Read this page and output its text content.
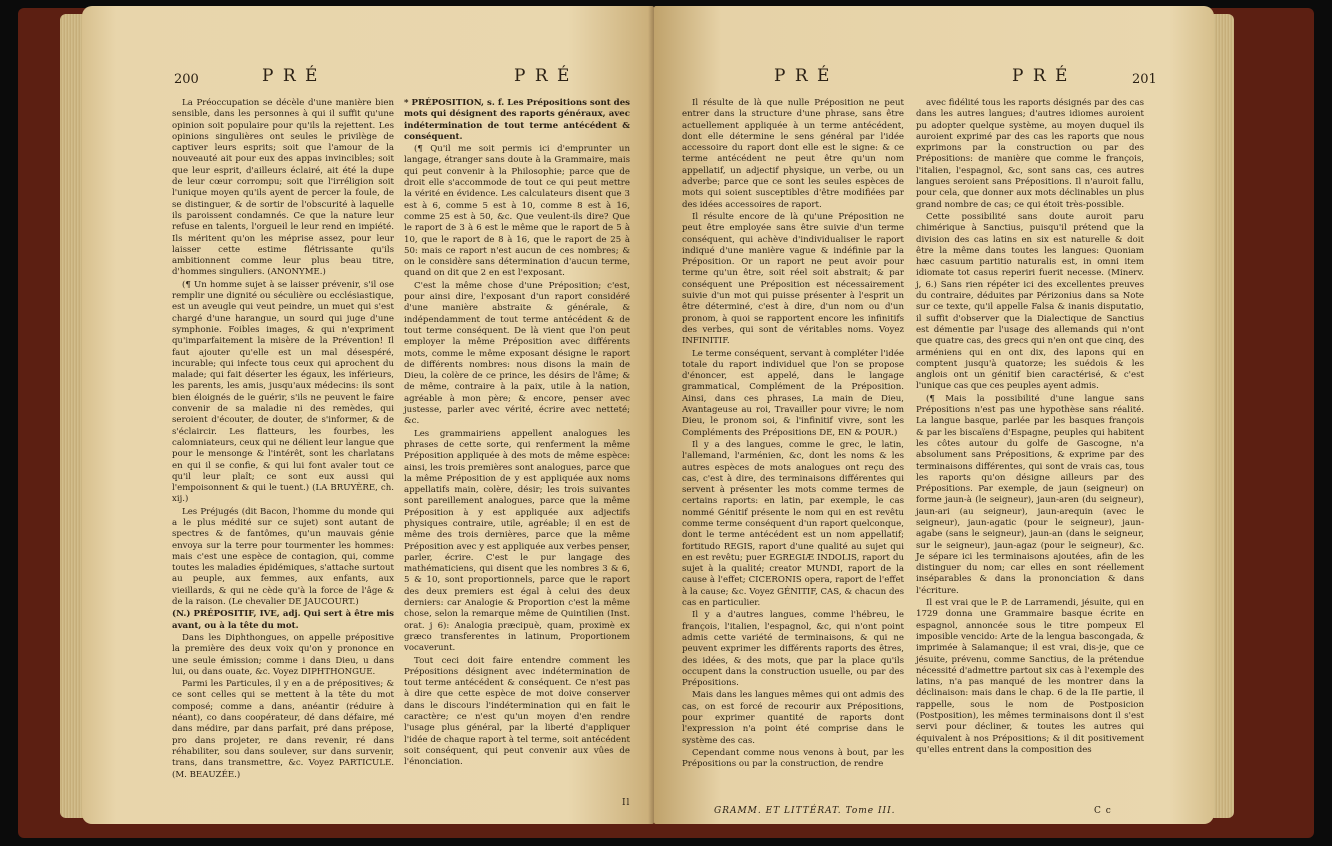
200	P R É	P R É

La Préoccupation se décèle d'une manière bien sensible, dans les personnes à qui il suffit qu'une opinion soit populaire pour qu'ils la rejettent. Les opinions singulières ont seules le privilège de captiver leurs esprits; soit que l'amour de la nouveauté ait pour eux des appas invincibles; soit que leur esprit, d'ailleurs éclairé, ait été la dupe de leur cœur corrompu; soit que l'irréligion soit l'unique moyen qu'ils ayent de percer la foule, de se distinguer, & de sortir de l'obscurité à laquelle ils paroissent condamnés. Ce que la nature leur refuse en talents, l'orgueil le leur rend en impiété. Ils méritent qu'on les méprise assez, pour leur laisser cette estime flétrissante qu'ils ambitionnent comme leur plus beau titre, d'hommes singuliers. (ANONYME.)

(¶ Un homme sujet à se laisser prévenir, s'il ose remplir une dignité ou séculière ou ecclésiastique, est un aveugle qui veut peindre, un muet qui s'est chargé d'une harangue, un sourd qui juge d'une symphonie. Foibles images, & qui n'expriment qu'imparfaitement la misère de la Prévention! Il faut ajouter qu'elle est un mal désespéré, incurable; qui infecte tous ceux qui aprochent du malade; qui fait déserter les égaux, les inférieurs, les parents, les amis, jusqu'aux médecins: ils sont bien éloignés de le guérir, s'ils ne peuvent le faire convenir de sa maladie ni des remèdes, qui seroient d'écouter, de douter, de s'informer, & de s'éclaircir. Les flatteurs, les fourbes, les calomniateurs, ceux qui ne délient leur langue que pour le mensonge & l'intérêt, sont les charlatans en qui il se confie, & qui lui font avaler tout ce qu'il leur plaît; ce sont eux aussi qui l'empoisonnent & qui le tuent.) (LA BRUYÈRE, ch. xij.)

Les Préjugés (dit Bacon, l'homme du monde qui a le plus médité sur ce sujet) sont autant de spectres & de fantômes, qu'un mauvais génie envoya sur la terre pour tourmenter les hommes: mais c'est une espèce de contagion, qui, comme toutes les maladies épidémiques, s'attache surtout au peuple, aux femmes, aux enfants, aux vieillards, & qui ne cède qu'à la force de l'âge & de la raison. (Le chevalier DE JAUCOURT.)

(N.) PRÉPOSITIF, IVE, adj. Qui sert à être mis avant, ou à la tête du mot.

Dans les Diphthongues, on appelle prépositive la première des deux voix qu'on y prononce en une seule émission; comme i dans Dieu, u dans lui, ou dans ouate, &c. Voyez DIPHTHONGUE.

Parmi les Particules, il y en a de prépositives; & ce sont celles qui se mettent à la tête du mot composé; comme a dans, anéantir (réduire à néant), co dans coopérateur, dé dans défaire, mé dans médire, par dans parfait, pré dans prépose, pro dans projeter, re dans revenir, ré dans réhabiliter, sou dans soulever, sur dans survenir, trans, dans transmettre, &c. Voyez PARTICULE. (M. BEAUZÉE.)

* PRÉPOSITION, s. f. Les Prépositions sont des mots qui désignent des raports généraux, avec indétermination de tout terme antécédent & conséquent.

(¶ Qu'il me soit permis ici d'emprunter un langage, étranger sans doute à la Grammaire, mais qui peut convenir à la Philosophie; parce que de droit elle s'accommode de tout ce qui peut mettre la vérité en évidence. Les calculateurs disent que 3 est à 6, comme 5 est à 10, comme 8 est à 16, comme 25 est à 50, &c. Que veulent-ils dire? Que le raport de 3 à 6 est le même que le raport de 5 à 10, que le raport de 8 à 16, que le raport de 25 à 50: mais ce raport n'est aucun de ces nombres; & on le considère sans détermination d'aucun terme, quand on dit que 2 en est l'exposant.

C'est la même chose d'une Préposition; c'est, pour ainsi dire, l'exposant d'un raport considéré d'une manière abstraite & générale, & indépendamment de tout terme antécédent & de tout terme conséquent. De là vient que l'on peut employer la même Préposition avec différents mots, comme le même exposant désigne le raport de différents nombres: nous disons la main de Dieu, la colère de ce prince, les désirs de l'âme; & de même, contraire à la paix, utile à la nation, agréable à mon père; & encore, penser avec justesse, parler avec vérité, écrire avec netteté; &c.

Les grammairiens appellent analogues les phrases de cette sorte, qui renferment la même Préposition appliquée à des mots de même espèce: ainsi, les trois premières sont analogues, parce que la même Préposition de y est appliquée aux noms appellatifs main, colère, désir; les trois suivantes sont pareillement analogues, parce que la même Préposition à y est appliquée aux adjectifs physiques contraire, utile, agréable; il en est de même des trois dernières, parce que la même Préposition avec y est appliquée aux verbes penser, parler, écrire. C'est le pur langage des mathématiciens, qui disent que les nombres 3 & 6, 5 & 10, sont proportionnels, parce que le raport des deux premiers est égal à celui des deux derniers: car Analogie & Proportion c'est la même chose, selon la remarque même de Quintilien (Inst. orat. j 6): Analogia præcipuè, quam, proximè ex græco transferentes in latinum, Proportionem vocaverunt.

Tout ceci doit faire entendre comment les Prépositions désignent avec indétermination de tout terme antécédent & conséquent. Ce n'est pas à dire que cette espèce de mot doive conserver dans le discours l'indétermination qui en fait le caractère; ce n'est qu'un moyen d'en rendre l'usage plus général, par la liberté d'appliquer l'idée de chaque raport à tel terme, soit antécédent soit conséquent, qui peut convenir aux vûes de l'énonciation.

Il
P R É	P R É	201

Il résulte de là que nulle Préposition ne peut entrer dans la structure d'une phrase, sans être actuellement appliquée à un terme antécédent, dont elle détermine le sens général par l'idée accessoire du raport dont elle est le signe: & ce terme antécédent ne peut être qu'un nom appellatif, un adjectif physique, un verbe, ou un adverbe; parce que ce sont les seules espèces de mots qui soient susceptibles d'être modifiées par des idées accessoires de raport.

Il résulte encore de là qu'une Préposition ne peut être employée sans être suivie d'un terme conséquent, qui achève d'individualiser le raport indiqué d'une manière vague & indéfinie par la Préposition. Or un raport ne peut avoir pour terme qu'un être, soit réel soit abstrait; & par conséquent une Préposition est nécessairement suivie d'un mot qui puisse présenter à l'esprit un être déterminé, c'est à dire, d'un nom ou d'un pronom, à quoi se rapportent encore les infinitifs des verbes, qui sont de véritables noms. Voyez INFINITIF.

Le terme conséquent, servant à compléter l'idée totale du raport individuel que l'on se propose d'énoncer, est appelé, dans le langage grammatical, Complément de la Préposition. Ainsi, dans ces phrases, La main de Dieu, Avantageuse au roi, Travailler pour vivre; le nom Dieu, le pronom soi, & l'infinitif vivre, sont les Compléments des Prépositions DE, EN & POUR.)

Il y a des langues, comme le grec, le latin, l'allemand, l'arménien, &c, dont les noms & les autres espèces de mots analogues ont reçu des cas, c'est à dire, des terminaisons différentes qui servent à présenter les mots comme termes de certains raports: en latin, par exemple, le cas nommé Génitif présente le nom qui en est revêtu comme terme conséquent d'un raport quelconque, dont le terme antécédent est un nom appellatif; fortitudo REGIS, raport d'une qualité au sujet qui en est revêtu; puer EGREGIÆ INDOLIS, raport du sujet à la qualité; creator MUNDI, raport de la cause à l'effet; CICERONIS opera, raport de l'effet à la cause; &c. Voyez GÉNITIF, CAS, & chacun des cas en particulier.

Il y a d'autres langues, comme l'hébreu, le françois, l'italien, l'espagnol, &c, qui n'ont point admis cette variété de terminaisons, & qui ne peuvent exprimer les différents raports des êtres, des idées, & des mots, que par la place qu'ils occupent dans la construction usuelle, ou par des Prépositions.

Mais dans les langues mêmes qui ont admis des cas, on est forcé de recourir aux Prépositions, pour exprimer quantité de raports dont l'expression n'a point été comprise dans le système des cas.

Cependant comme nous venons à bout, par les Prépositions ou par la construction, de rendre

GRAMM. ET LITTÉRAT. Tome III.

avec fidélité tous les raports désignés par des cas dans les autres langues; d'autres idiomes auroient pu adopter quelque système, au moyen duquel ils auroient exprimé par des cas les raports que nous exprimons par la construction ou par des Prépositions: de manière que comme le françois, l'italien, l'espagnol, &c, sont sans cas, ces autres langues seroient sans Prépositions. Il n'auroit fallu, pour cela, que donner aux mots déclinables un plus grand nombre de cas; ce qui étoit très-possible.

Cette possibilité sans doute auroit paru chimérique à Sanctius, puisqu'il prétend que la division des cas latins en six est naturelle & doit être la même dans toutes les langues: Quoniam hæc casuum partitio naturalis est, in omni item idiomate tot casus reperiri fuerit necesse. (Minerv. j, 6.) Sans rien répéter ici des excellentes preuves du contraire, déduites par Périzonius dans sa Note sur ce texte, qu'il appelle Falsa & inanis disputatio, il suffit d'observer que la Dialectique de Sanctius est démentie par l'usage des allemands qui n'ont que quatre cas, des grecs qui n'en ont que cinq, des arméniens qui en ont dix, des lapons qui en comptent jusqu'à quatorze; les suédois & les anglois ont un génitif bien caractérisé, & c'est l'unique cas que ces peuples ayent admis.

(¶ Mais la possibilité d'une langue sans Prépositions n'est pas une hypothèse sans réalité. La langue basque, parlée par les basques françois & par les biscaïens d'Espagne, peuples qui habitent les côtes autour du golfe de Gascogne, n'a absolument sans Prépositions, & exprime par des terminaisons différentes, qui sont de vrais cas, tous les raports qu'on désigne ailleurs par des Prépositions. Par exemple, de jaun (seigneur) on forme jaun-à (le seigneur), jaun-aren (du seigneur), jaun-ari (au seigneur), jaun-arequin (avec le seigneur), jaun-agatic (pour le seigneur), jaun-agabe (sans le seigneur), jaun-an (dans le seigneur, sur le seigneur), jaun-agaz (pour le seigneur), &c. Je sépare ici les terminaisons ajoutées, afin de les distinguer du nom; car elles en sont réellement inséparables & dans la prononciation & dans l'écriture.

Il est vrai que le P. de Larramendi, jésuite, qui en 1729 donna une Grammaire basque écrite en espagnol, annoncée sous le titre pompeux El imposible vencido: Arte de la lengua bascongada, & imprimée à Salamanque; il est vrai, dis-je, que ce jésuite, prévenu, comme Sanctius, de la prétendue nécessité d'admettre partout six cas à l'exemple des latins, n'a pas manqué de les montrer dans la déclinaison: mais dans le chap. 6 de la IIe partie, il rappelle, sous le nom de Postposicion (Postposition), les mêmes terminaisons dont il s'est servi pour décliner, & toutes les autres qui équivalent à nos Prépositions; & il dit positivement qu'elles entrent dans la composition des

C c
